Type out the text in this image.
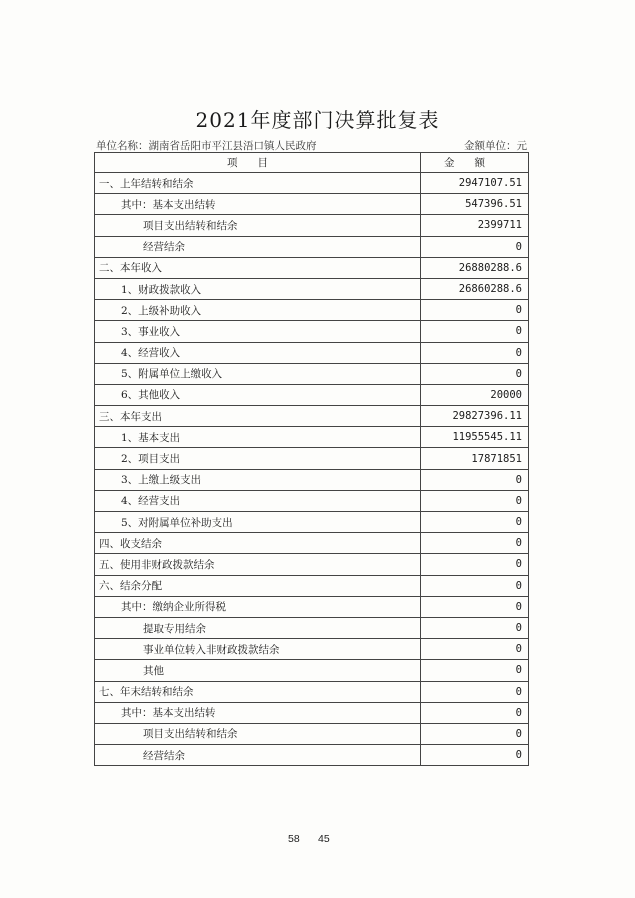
2021年度部门决算批复表
单位名称：湖南省岳阳市平江县浯口镇人民政府	金额单位：元
项目	金额
一、上年结转和结余	2947107.51
其中：基本支出结转	547396.51
项目支出结转和结余	2399711
经营结余	0
二、本年收入	26880288.6
1、财政拨款收入	26860288.6
2、上级补助收入	0
3、事业收入	0
4、经营收入	0
5、附属单位上缴收入	0
6、其他收入	20000
三、本年支出	29827396.11
1、基本支出	11955545.11
2、项目支出	17871851
3、上缴上级支出	0
4、经营支出	0
5、对附属单位补助支出	0
四、收支结余	0
五、使用非财政拨款结余	0
六、结余分配	0
其中：缴纳企业所得税	0
提取专用结余	0
事业单位转入非财政拨款结余	0
其他	0
七、年末结转和结余	0
其中：基本支出结转	0
项目支出结转和结余	0
经营结余	0
58 45
